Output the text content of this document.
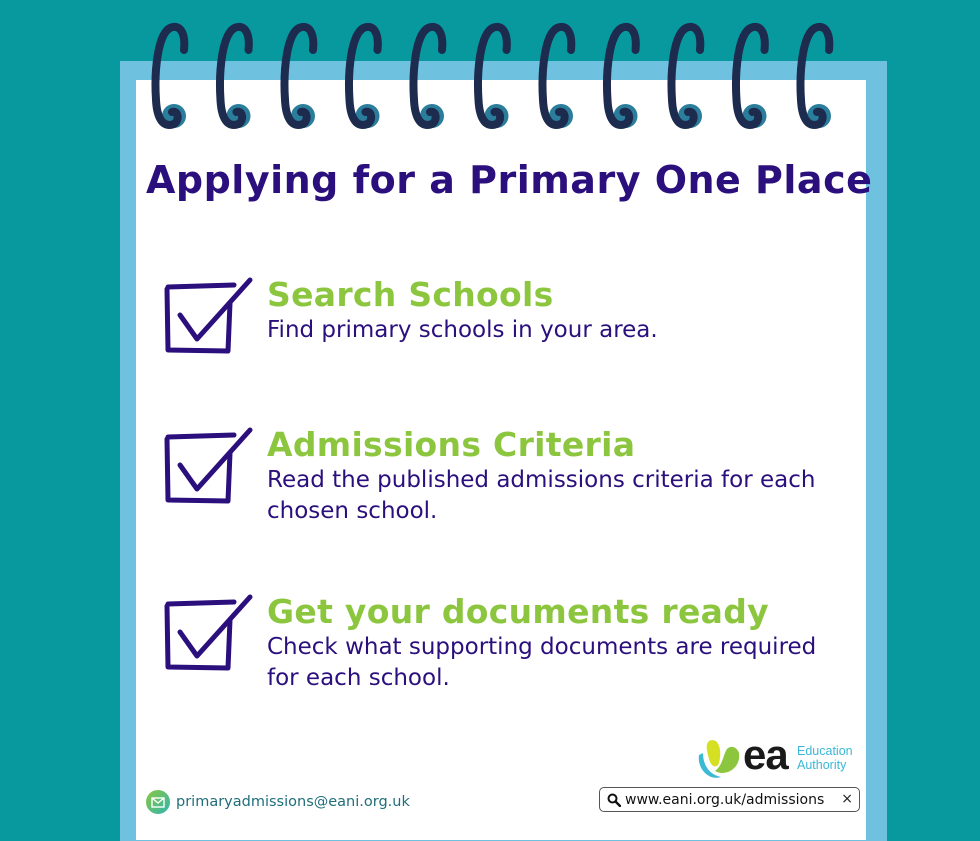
Applying for a Primary One Place
Search Schools
Find primary schools in your area.
Admissions Criteria
Read the published admissions criteria for each chosen school.
Get your documents ready
Check what supporting documents are required for each school.
ea Education
Authority
primaryadmissions@eani.org.uk	www.eani.org.uk/admissions ×
